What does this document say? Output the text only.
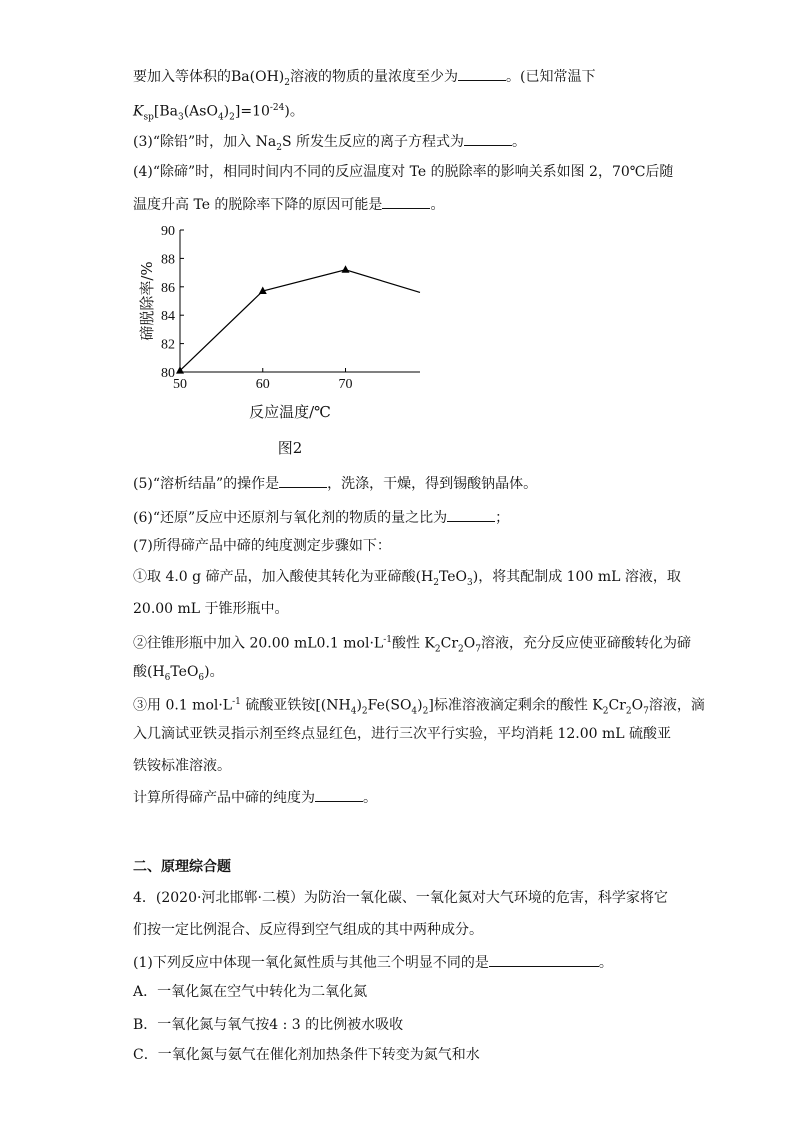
要加入等体积的$Ba(OH)_2$溶液的物质的量浓度至少为	。(已知常温下
$K_{sp}[Ba_3(AsO_4)_2]=10^{-24}$)。
(3)“除铅”时，加入 $Na_2S$ 所发生反应的离子方程式为	。
(4)“除碲”时，相同时间内不同的反应温度对 Te 的脱除率的影响关系如图 2，70℃后随
温度升高 Te 的脱除率下降的原因可能是	。
80
82
84
86
88
90
50	60	70
碲脱除率/%
反应温度/℃
图2
(5)“溶析结晶”的操作是	，洗涤，干燥，得到锡酸钠晶体。
(6)“还原”反应中还原剂与氧化剂的物质的量之比为	；
(7)所得碲产品中碲的纯度测定步骤如下：
①取 4.0 g 碲产品，加入酸使其转化为亚碲酸$(H_2TeO_3)$，将其配制成 100 mL 溶液，取
20.00 mL 于锥形瓶中。
②往锥形瓶中加入 20.00 mL0.1 $mol\cdot L^{-1}$酸性 $K_2Cr_2O_7$溶液，充分反应使亚碲酸转化为碲
酸$(H_6TeO_6)$。
③用 0.1 $mol\cdot L^{-1}$ 硫酸亚铁铵$[(NH_4)_2Fe(SO_4)_2]$标准溶液滴定剩余的酸性 $K_2Cr_2O_7$溶液，滴
入几滴试亚铁灵指示剂至终点显红色，进行三次平行实验，平均消耗 12.00 mL 硫酸亚
铁铵标准溶液。
计算所得碲产品中碲的纯度为	。
二、原理综合题
4．(2020·河北邯郸·二模）为防治一氧化碳、一氧化氮对大气环境的危害，科学家将它
们按一定比例混合、反应得到空气组成的其中两种成分。
(1)下列反应中体现一氧化氮性质与其他三个明显不同的是	。
A．一氧化氮在空气中转化为二氧化氮
B．一氧化氮与氧气按4 : 3 的比例被水吸收
C．一氧化氮与氨气在催化剂加热条件下转变为氮气和水
